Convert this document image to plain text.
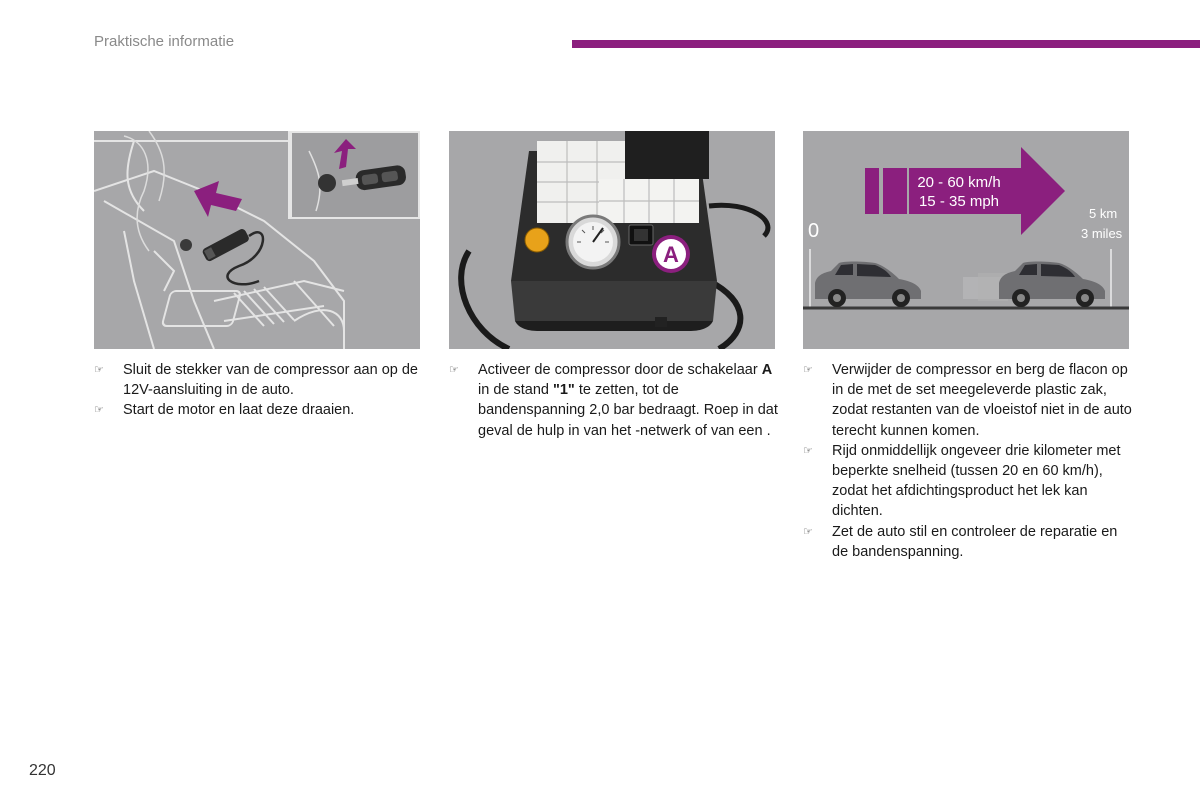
Praktische informatie
A
20 - 60 km/h
15 - 35 mph
0
5 km
3 miles
☞ Sluit de stekker van de compressor aan op de 12V-aansluiting in de auto.
☞ Start de motor en laat deze draaien.
☞ Activeer de compressor door de schakelaar A in de stand "1" te zetten, tot de bandenspanning 2,0 bar bedraagt. Roep in dat geval de hulp in van het -netwerk of van een .
☞ Verwijder de compressor en berg de flacon op in de met de set meegeleverde plastic zak, zodat restanten van de vloeistof niet in de auto terecht kunnen komen.
☞ Rijd onmiddellijk ongeveer drie kilometer met beperkte snelheid (tussen 20 en 60 km/h), zodat het afdichtingsproduct het lek kan dichten.
☞ Zet de auto stil en controleer de reparatie en de bandenspanning.
220
